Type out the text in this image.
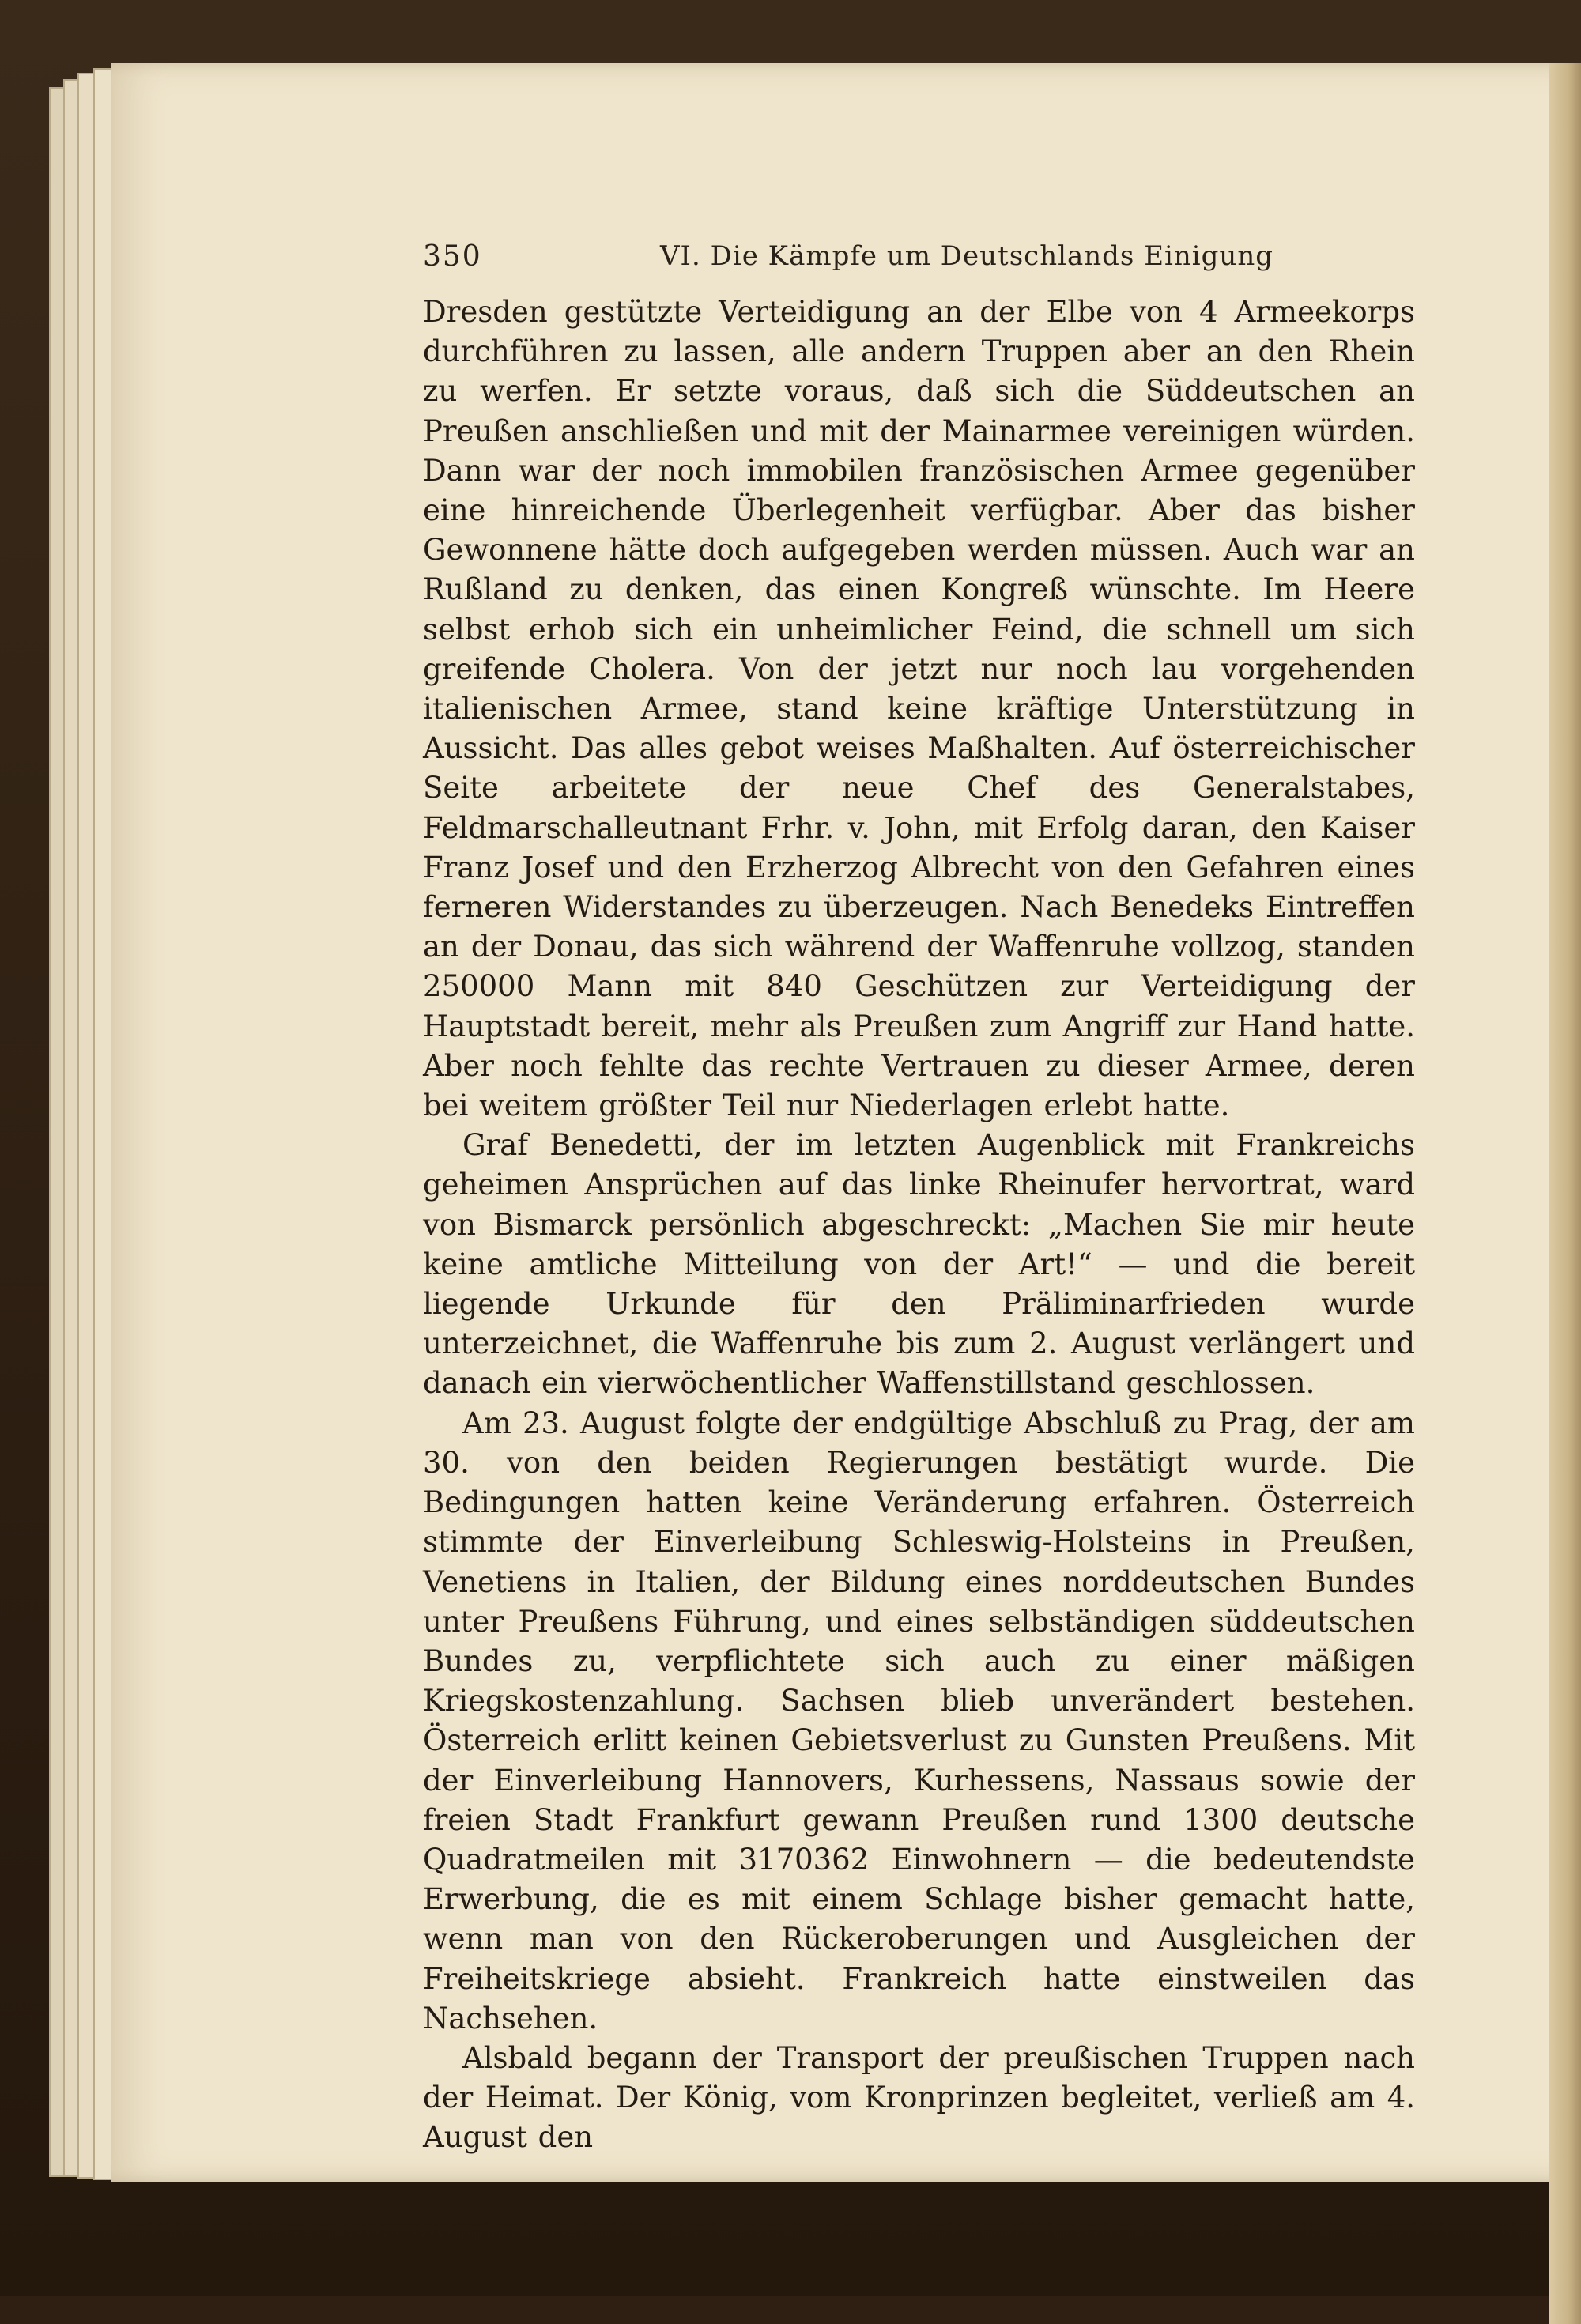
350	VI. Die Kämpfe um Deutschlands Einigung

Dresden gestützte Verteidigung an der Elbe von 4 Armeekorps durchführen zu lassen, alle andern Truppen aber an den Rhein zu werfen. Er setzte voraus, daß sich die Süddeutschen an Preußen anschließen und mit der Mainarmee vereinigen würden. Dann war der noch immobilen französischen Armee gegenüber eine hinreichende Überlegenheit verfügbar. Aber das bisher Gewonnene hätte doch aufgegeben werden müssen. Auch war an Rußland zu denken, das einen Kongreß wünschte. Im Heere selbst erhob sich ein unheimlicher Feind, die schnell um sich greifende Cholera. Von der jetzt nur noch lau vorgehenden italienischen Armee, stand keine kräftige Unterstützung in Aussicht. Das alles gebot weises Maßhalten. Auf österreichischer Seite arbeitete der neue Chef des Generalstabes, Feldmarschalleutnant Frhr. v. John, mit Erfolg daran, den Kaiser Franz Josef und den Erzherzog Albrecht von den Gefahren eines ferneren Widerstandes zu überzeugen. Nach Benedeks Eintreffen an der Donau, das sich während der Waffenruhe vollzog, standen 250000 Mann mit 840 Geschützen zur Verteidigung der Hauptstadt bereit, mehr als Preußen zum Angriff zur Hand hatte. Aber noch fehlte das rechte Vertrauen zu dieser Armee, deren bei weitem größter Teil nur Niederlagen erlebt hatte.

Graf Benedetti, der im letzten Augenblick mit Frankreichs geheimen Ansprüchen auf das linke Rheinufer hervortrat, ward von Bismarck persönlich abgeschreckt: „Machen Sie mir heute keine amtliche Mitteilung von der Art!“ — und die bereit liegende Urkunde für den Präliminarfrieden wurde unterzeichnet, die Waffenruhe bis zum 2. August verlängert und danach ein vierwöchentlicher Waffenstillstand geschlossen.

Am 23. August folgte der endgültige Abschluß zu Prag, der am 30. von den beiden Regierungen bestätigt wurde. Die Bedingungen hatten keine Veränderung erfahren. Österreich stimmte der Einverleibung Schleswig-Holsteins in Preußen, Venetiens in Italien, der Bildung eines norddeutschen Bundes unter Preußens Führung, und eines selbständigen süddeutschen Bundes zu, verpflichtete sich auch zu einer mäßigen Kriegskostenzahlung. Sachsen blieb unverändert bestehen. Österreich erlitt keinen Gebietsverlust zu Gunsten Preußens. Mit der Einverleibung Hannovers, Kurhessens, Nassaus sowie der freien Stadt Frankfurt gewann Preußen rund 1300 deutsche Quadratmeilen mit 3170362 Einwohnern — die bedeutendste Erwerbung, die es mit einem Schlage bisher gemacht hatte, wenn man von den Rückeroberungen und Ausgleichen der Freiheitskriege absieht. Frankreich hatte einstweilen das Nachsehen.

Alsbald begann der Transport der preußischen Truppen nach der Heimat. Der König, vom Kronprinzen begleitet, verließ am 4. August den
